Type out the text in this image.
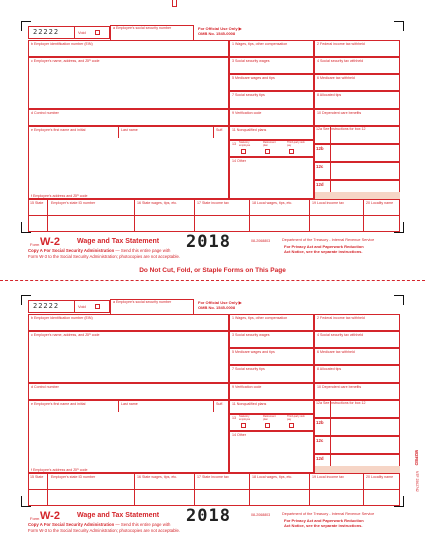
22222	Void
a Employee's social security number	For Official Use Only ▶
OMB No. 1545-0008
b Employer identification number (EIN)
c Employer's name, address, and ZIP code
d Control number
e Employee's first name and initial	Last name	Suff.
f Employee's address and ZIP code
1 Wages, tips, other compensation	2 Federal income tax withheld
3 Social security wages	4 Social security tax withheld
5 Medicare wages and tips	6 Medicare tax withheld
7 Social security tips	8 Allocated tips
9 Verification code	10 Dependent care benefits
11 Nonqualified plans
13 Statutory employee
Retirement plan
Third-party sick pay
14 Other
12a See instructions for box 12
12b
12c
12d
15 State Employer's state ID number	16 State wages, tips, etc.	17 State income tax	18 Local wages, tips, etc.	19 Local income tax	20 Locality name
Form W-2 Wage and Tax Statement 2018	08-2068803	Department of the Treasury - Internal Revenue Service
For Privacy Act and Paperwork Reduction
Act Notice, see the separate instructions.
Copy A For Social Security Administration — Send this entire page with
Form W-3 to the Social Security Administration; photocopies are not acceptable.
Do Not Cut, Fold, or Staple Forms on This Page
22222	Void
a Employee's social security number	For Official Use Only ▶
OMB No. 1545-0008
b Employer identification number (EIN)
c Employer's name, address, and ZIP code
d Control number
e Employee's first name and initial	Last name	Suff.
f Employee's address and ZIP code
1 Wages, tips, other compensation	2 Federal income tax withheld
3 Social security wages	4 Social security tax withheld
5 Medicare wages and tips	6 Medicare tax withheld
7 Social security tips	8 Allocated tips
9 Verification code	10 Dependent care benefits
11 Nonqualified plans
13 Statutory employee
Retirement plan
Third-party sick pay
14 Other
12a See instructions for box 12
12b
12c
12d
15 State Employer's state ID number	16 State wages, tips, etc.	17 State income tax	18 Local wages, tips, etc.	19 Local income tax	20 Locality name
Form W-2 Wage and Tax Statement 2018	08-2068803	Department of the Treasury - Internal Revenue Service
For Privacy Act and Paperwork Reduction
Act Notice, see the separate instructions.
Copy A For Social Security Administration — Send this entire page with
Form W-3 to the Social Security Administration; photocopies are not acceptable.
W2FED
NTF 2562742
